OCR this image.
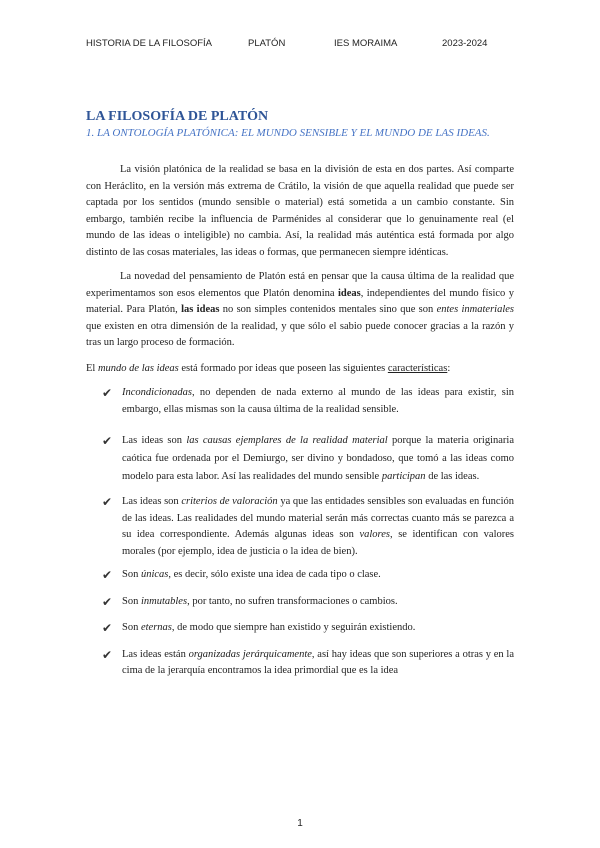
HISTORIA DE LA FILOSOFÍA	PLATÓN	IES MORAIMA	2023-2024
LA FILOSOFÍA DE PLATÓN

1. LA ONTOLOGÍA PLATÓNICA: EL MUNDO SENSIBLE Y EL MUNDO DE LAS IDEAS.

La visión platónica de la realidad se basa en la división de esta en dos partes. Así comparte con Heráclito, en la versión más extrema de Crátilo, la visión de que aquella realidad que puede ser captada por los sentidos (mundo sensible o material) está sometida a un cambio constante. Sin embargo, también recibe la influencia de Parménides al considerar que lo genuinamente real (el mundo de las ideas o inteligible) no cambia. Así, la realidad más auténtica está formada por algo distinto de las cosas materiales, las ideas o formas, que permanecen siempre idénticas.

La novedad del pensamiento de Platón está en pensar que la causa última de la realidad que experimentamos son esos elementos que Platón denomina ideas, independientes del mundo físico y material. Para Platón, las ideas no son simples contenidos mentales sino que son entes inmateriales que existen en otra dimensión de la realidad, y que sólo el sabio puede conocer gracias a la razón y tras un largo proceso de formación.

El mundo de las ideas está formado por ideas que poseen las siguientes características:

✔ Incondicionadas, no dependen de nada externo al mundo de las ideas para existir, sin embargo, ellas mismas son la causa última de la realidad sensible.
✔ Las ideas son las causas ejemplares de la realidad material porque la materia originaria caótica fue ordenada por el Demiurgo, ser divino y bondadoso, que tomó a las ideas como modelo para esta labor. Así las realidades del mundo sensible participan de las ideas.
✔ Las ideas son criterios de valoración ya que las entidades sensibles son evaluadas en función de las ideas. Las realidades del mundo material serán más correctas cuanto más se parezca a su idea correspondiente. Además algunas ideas son valores, se identifican con valores morales (por ejemplo, idea de justicia o la idea de bien).
✔ Son únicas, es decir, sólo existe una idea de cada tipo o clase.
✔ Son inmutables, por tanto, no sufren transformaciones o cambios.
✔ Son eternas, de modo que siempre han existido y seguirán existiendo.
✔ Las ideas están organizadas jerárquicamente, así hay ideas que son superiores a otras y en la cima de la jerarquía encontramos la idea primordial que es la idea
1
